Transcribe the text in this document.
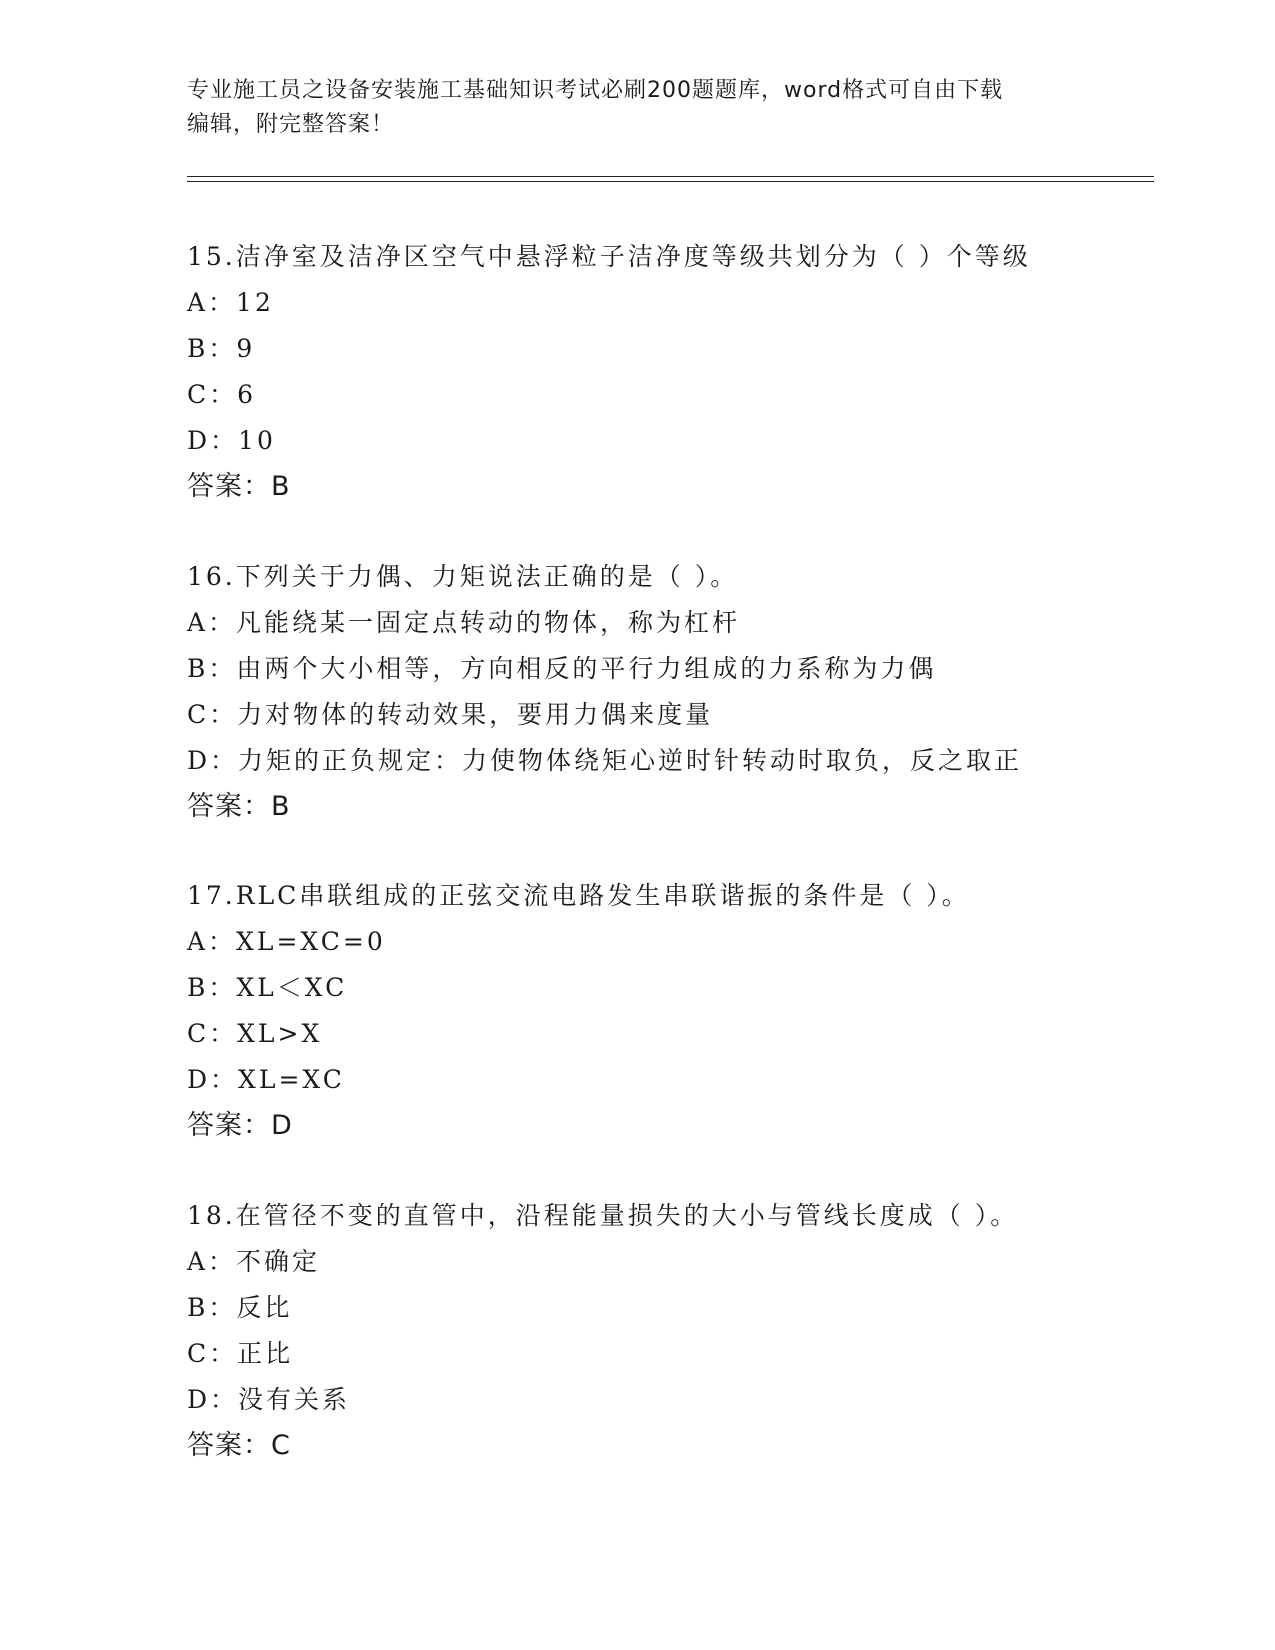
专业施工员之设备安装施工基础知识考试必刷200题题库，word格式可自由下载
编辑，附完整答案！
15.洁净室及洁净区空气中悬浮粒子洁净度等级共划分为（ ）个等级
A：12
B：9
C：6
D：10
答案：B
16.下列关于力偶、力矩说法正确的是（ ）。
A：凡能绕某一固定点转动的物体，称为杠杆
B：由两个大小相等，方向相反的平行力组成的力系称为力偶
C：力对物体的转动效果，要用力偶来度量
D：力矩的正负规定：力使物体绕矩心逆时针转动时取负，反之取正
答案：B
17.RLC串联组成的正弦交流电路发生串联谐振的条件是（ ）。
A：XL=XC=0
B：XL＜XC
C：XL>X
D：XL=XC
答案：D
18.在管径不变的直管中，沿程能量损失的大小与管线长度成（ ）。
A：不确定
B：反比
C：正比
D：没有关系
答案：C
